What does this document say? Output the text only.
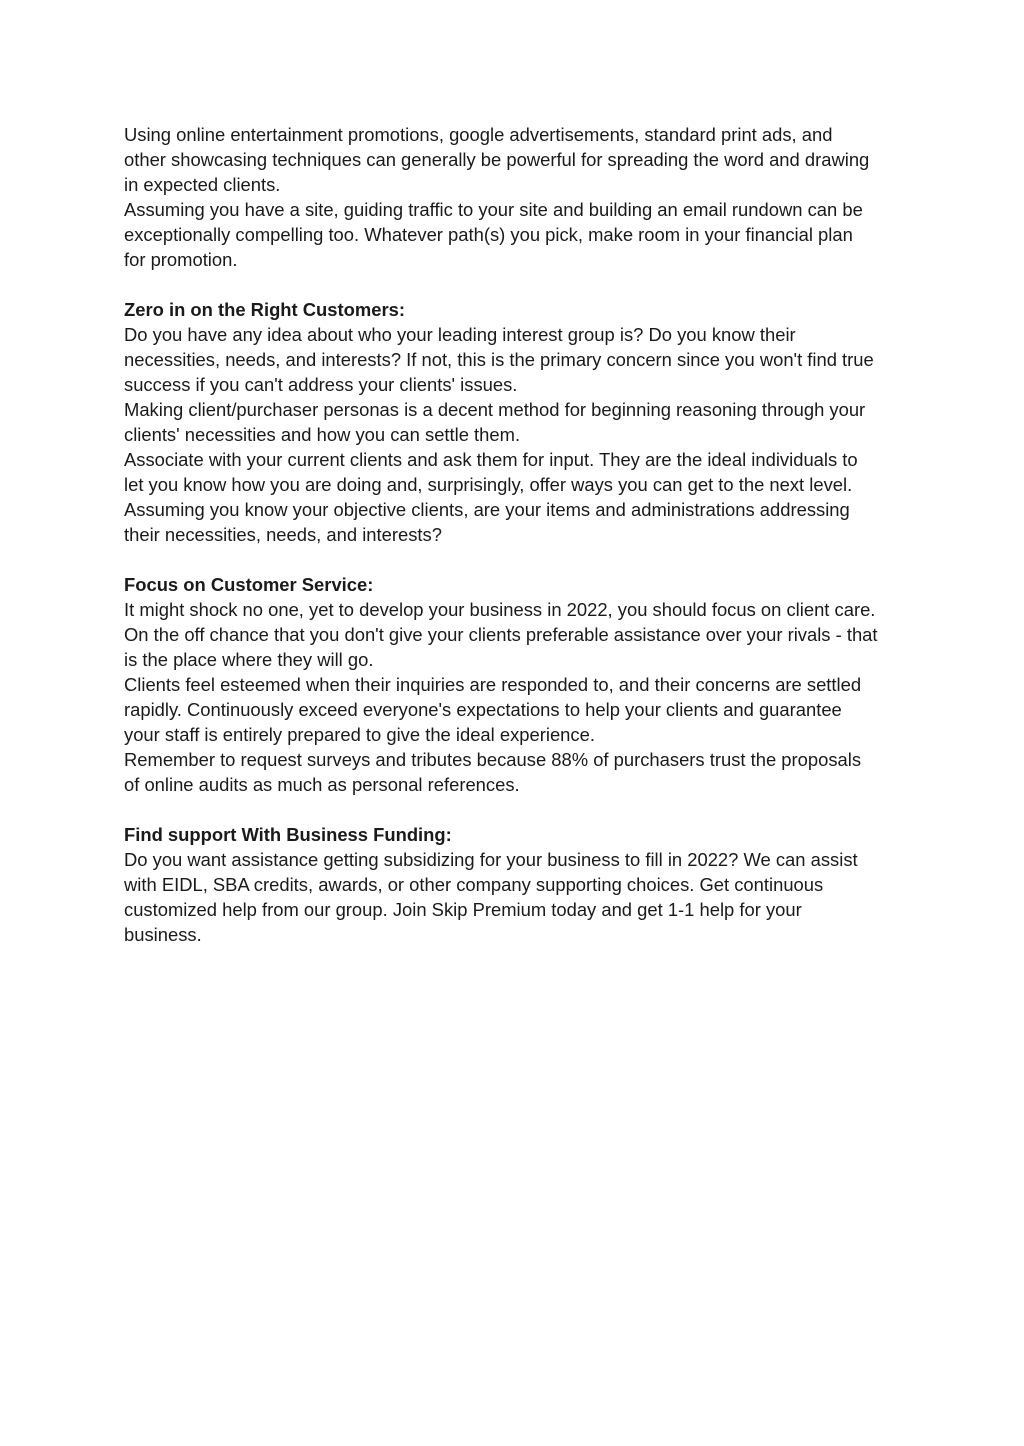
Using online entertainment promotions, google advertisements, standard print ads, and
other showcasing techniques can generally be powerful for spreading the word and drawing
in expected clients.

Assuming you have a site, guiding traffic to your site and building an email rundown can be
exceptionally compelling too. Whatever path(s) you pick, make room in your financial plan
for promotion.

Zero in on the Right Customers:

Do you have any idea about who your leading interest group is? Do you know their
necessities, needs, and interests? If not, this is the primary concern since you won't find true
success if you can't address your clients' issues.

Making client/purchaser personas is a decent method for beginning reasoning through your
clients' necessities and how you can settle them.

Associate with your current clients and ask them for input. They are the ideal individuals to
let you know how you are doing and, surprisingly, offer ways you can get to the next level.

Assuming you know your objective clients, are your items and administrations addressing
their necessities, needs, and interests?

Focus on Customer Service:

It might shock no one, yet to develop your business in 2022, you should focus on client care.
On the off chance that you don't give your clients preferable assistance over your rivals - that
is the place where they will go.

Clients feel esteemed when their inquiries are responded to, and their concerns are settled
rapidly. Continuously exceed everyone's expectations to help your clients and guarantee
your staff is entirely prepared to give the ideal experience.

Remember to request surveys and tributes because 88% of purchasers trust the proposals
of online audits as much as personal references.

Find support With Business Funding:

Do you want assistance getting subsidizing for your business to fill in 2022? We can assist
with EIDL, SBA credits, awards, or other company supporting choices. Get continuous
customized help from our group. Join Skip Premium today and get 1-1 help for your
business.
